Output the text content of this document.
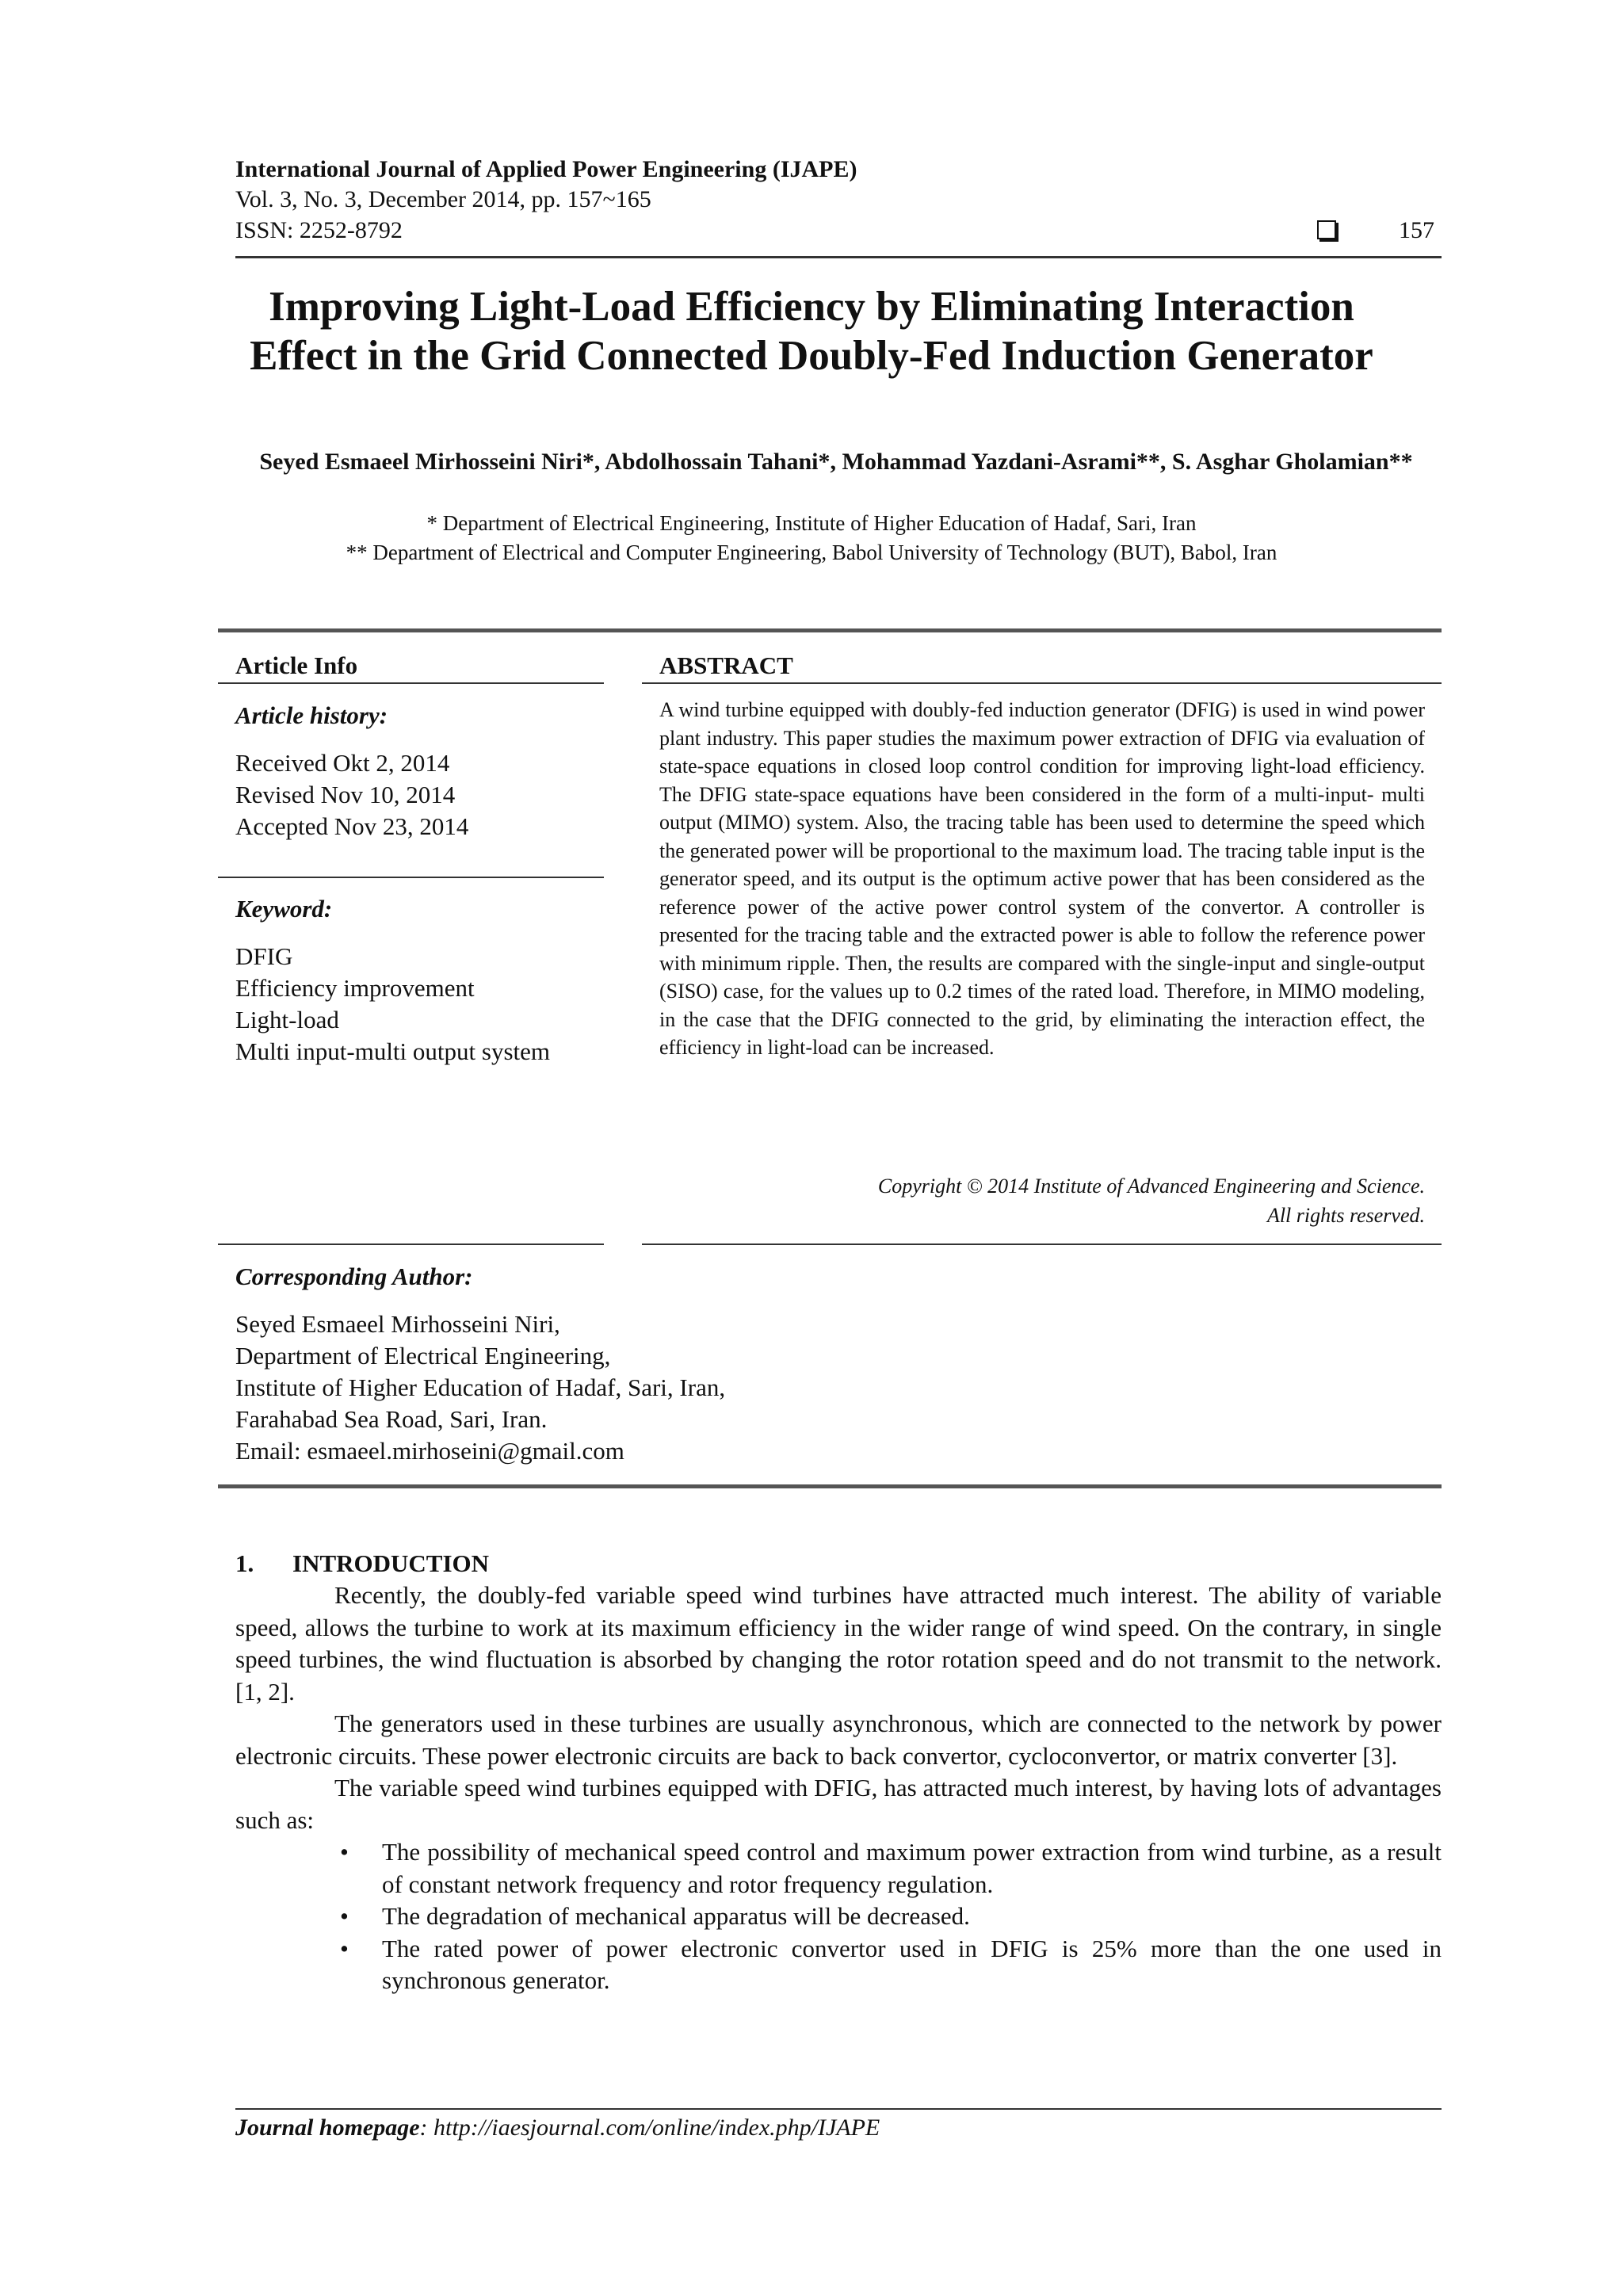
International Journal of Applied Power Engineering (IJAPE)
Vol. 3, No. 3, December 2014, pp. 157~165
ISSN: 2252-8792	157
Improving Light-Load Efficiency by Eliminating Interaction
Effect in the Grid Connected Doubly-Fed Induction Generator
Seyed Esmaeel Mirhosseini Niri*, Abdolhossain Tahani*, Mohammad Yazdani-Asrami**, S. Asghar Gholamian**
* Department of Electrical Engineering, Institute of Higher Education of Hadaf, Sari, Iran
** Department of Electrical and Computer Engineering, Babol University of Technology (BUT), Babol, Iran
Article Info
Article history:
Received Okt 2, 2014
Revised Nov 10, 2014
Accepted Nov 23, 2014
Keyword:
DFIG
Efficiency improvement
Light-load
Multi input-multi output system
ABSTRACT
A wind turbine equipped with doubly-fed induction generator (DFIG) is used in wind power plant industry. This paper studies the maximum power extraction of DFIG via evaluation of state-space equations in closed loop control condition for improving light-load efficiency. The DFIG state-space equations have been considered in the form of a multi-input- multi output (MIMO) system. Also, the tracing table has been used to determine the speed which the generated power will be proportional to the maximum load. The tracing table input is the generator speed, and its output is the optimum active power that has been considered as the reference power of the active power control system of the convertor. A controller is presented for the tracing table and the extracted power is able to follow the reference power with minimum ripple. Then, the results are compared with the single-input and single-output (SISO) case, for the values up to 0.2 times of the rated load. Therefore, in MIMO modeling, in the case that the DFIG connected to the grid, by eliminating the interaction effect, the efficiency in light-load can be increased.
Copyright © 2014 Institute of Advanced Engineering and Science.
All rights reserved.
Corresponding Author:
Seyed Esmaeel Mirhosseini Niri,
Department of Electrical Engineering,
Institute of Higher Education of Hadaf, Sari, Iran,
Farahabad Sea Road, Sari, Iran.
Email: esmaeel.mirhoseini@gmail.com
1. INTRODUCTION
Recently, the doubly-fed variable speed wind turbines have attracted much interest. The ability of variable speed, allows the turbine to work at its maximum efficiency in the wider range of wind speed. On the contrary, in single speed turbines, the wind fluctuation is absorbed by changing the rotor rotation speed and do not transmit to the network. [1, 2].
The generators used in these turbines are usually asynchronous, which are connected to the network by power electronic circuits. These power electronic circuits are back to back convertor, cycloconvertor, or matrix converter [3].
The variable speed wind turbines equipped with DFIG, has attracted much interest, by having lots of advantages such as:
• The possibility of mechanical speed control and maximum power extraction from wind turbine, as a result of constant network frequency and rotor frequency regulation.
• The degradation of mechanical apparatus will be decreased.
• The rated power of power electronic convertor used in DFIG is 25% more than the one used in synchronous generator.
Journal homepage: http://iaesjournal.com/online/index.php/IJAPE
